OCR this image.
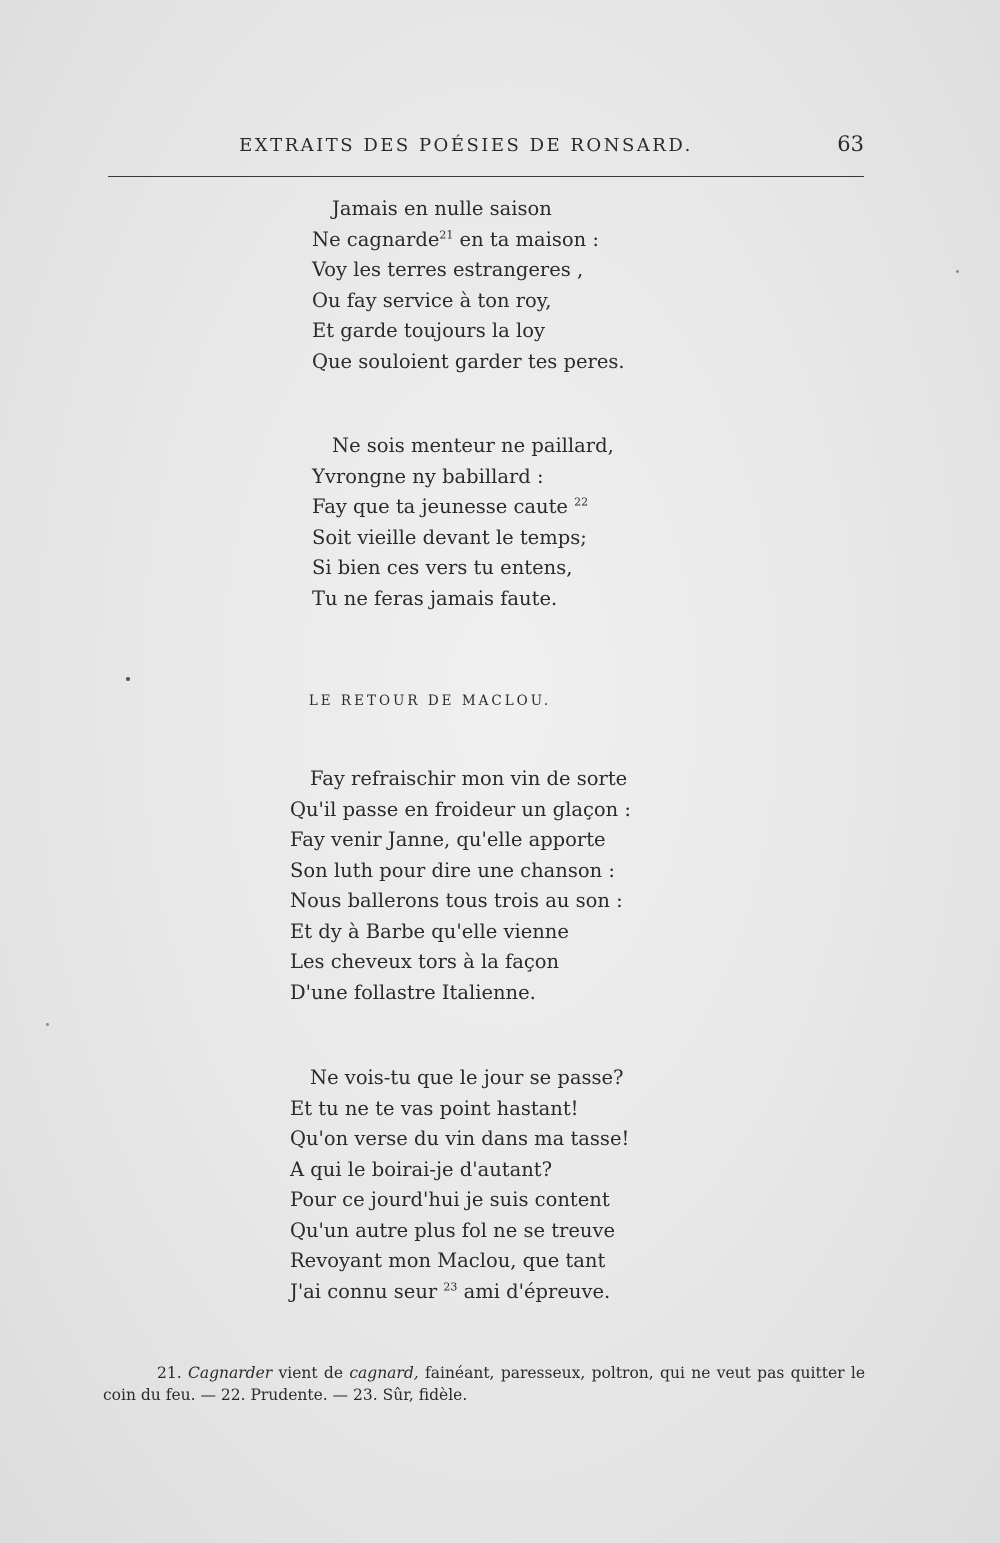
EXTRAITS DES POÉSIES DE RONSARD.	63
Jamais en nulle saison
Ne cagnarde$^{21}$ en ta maison :
Voy les terres estrangeres ,
Ou fay service à ton roy,
Et garde toujours la loy
Que souloient garder tes peres.
Ne sois menteur ne paillard,
Yvrongne ny babillard :
Fay que ta jeunesse caute $^{22}$
Soit vieille devant le temps;
Si bien ces vers tu entens,
Tu ne feras jamais faute.
LE RETOUR DE MACLOU.
Fay refraischir mon vin de sorte
Qu'il passe en froideur un glaçon :
Fay venir Janne, qu'elle apporte
Son luth pour dire une chanson :
Nous ballerons tous trois au son :
Et dy à Barbe qu'elle vienne
Les cheveux tors à la façon
D'une follastre Italienne.
Ne vois-tu que le jour se passe?
Et tu ne te vas point hastant!
Qu'on verse du vin dans ma tasse!
A qui le boirai-je d'autant?
Pour ce jourd'hui je suis content
Qu'un autre plus fol ne se treuve
Revoyant mon Maclou, que tant
J'ai connu seur $^{23}$ ami d'épreuve.
21. Cagnarder vient de cagnard, fainéant, paresseux, poltron, qui ne veut pas quitter le coin du feu. — 22. Prudente. — 23. Sûr, fidèle.
